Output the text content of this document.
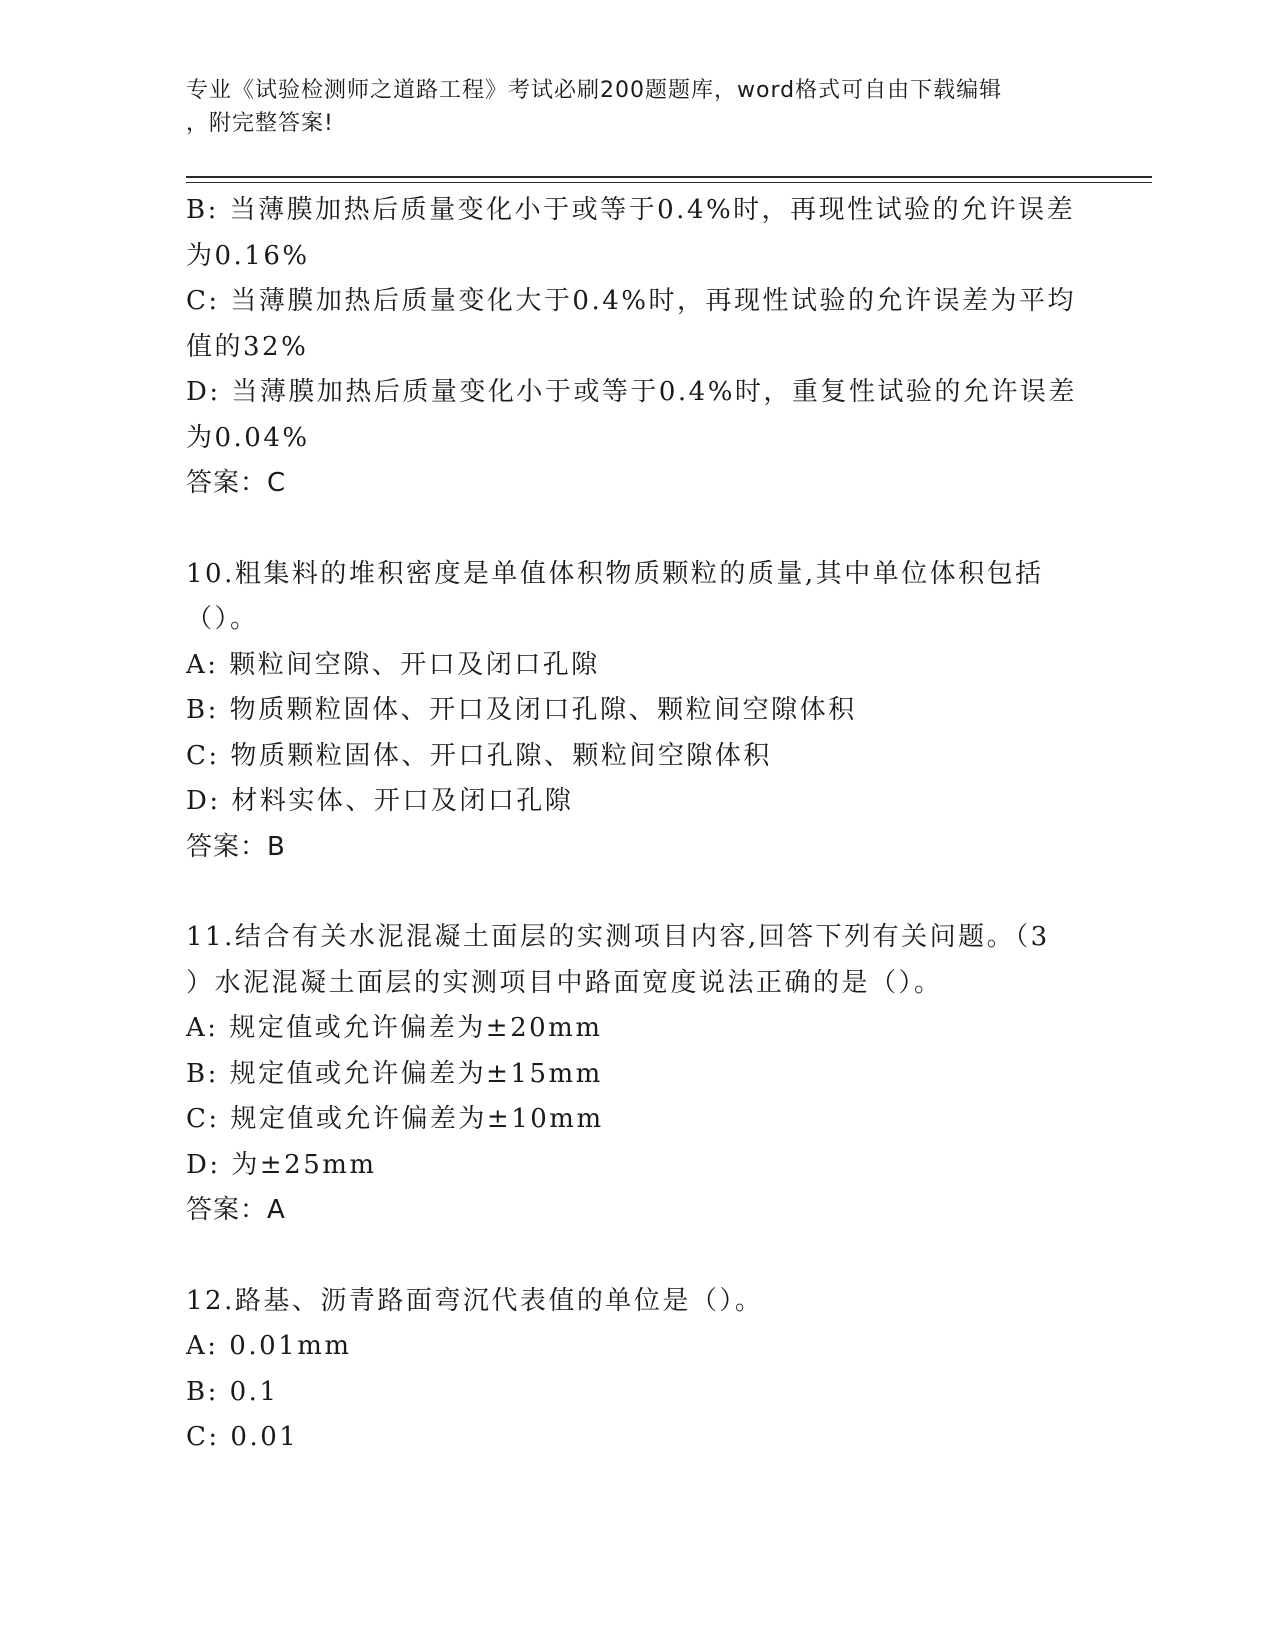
专业《试验检测师之道路工程》考试必刷200题题库，word格式可自由下载编辑
，附完整答案!
B: 当薄膜加热后质量变化小于或等于0.4%时，再现性试验的允许误差
为0.16%
C: 当薄膜加热后质量变化大于0.4%时，再现性试验的允许误差为平均
值的32%
D: 当薄膜加热后质量变化小于或等于0.4%时，重复性试验的允许误差
为0.04%
答案：C
10.粗集料的堆积密度是单值体积物质颗粒的质量,其中单位体积包括
（）。
A: 颗粒间空隙、开口及闭口孔隙
B: 物质颗粒固体、开口及闭口孔隙、颗粒间空隙体积
C: 物质颗粒固体、开口孔隙、颗粒间空隙体积
D: 材料实体、开口及闭口孔隙
答案：B
11.结合有关水泥混凝土面层的实测项目内容,回答下列有关问题。（3
）水泥混凝土面层的实测项目中路面宽度说法正确的是（）。
A: 规定值或允许偏差为±20mm
B: 规定值或允许偏差为±15mm
C: 规定值或允许偏差为±10mm
D: 为±25mm
答案：A
12.路基、沥青路面弯沉代表值的单位是（）。
A: 0.01mm
B: 0.1
C: 0.01
